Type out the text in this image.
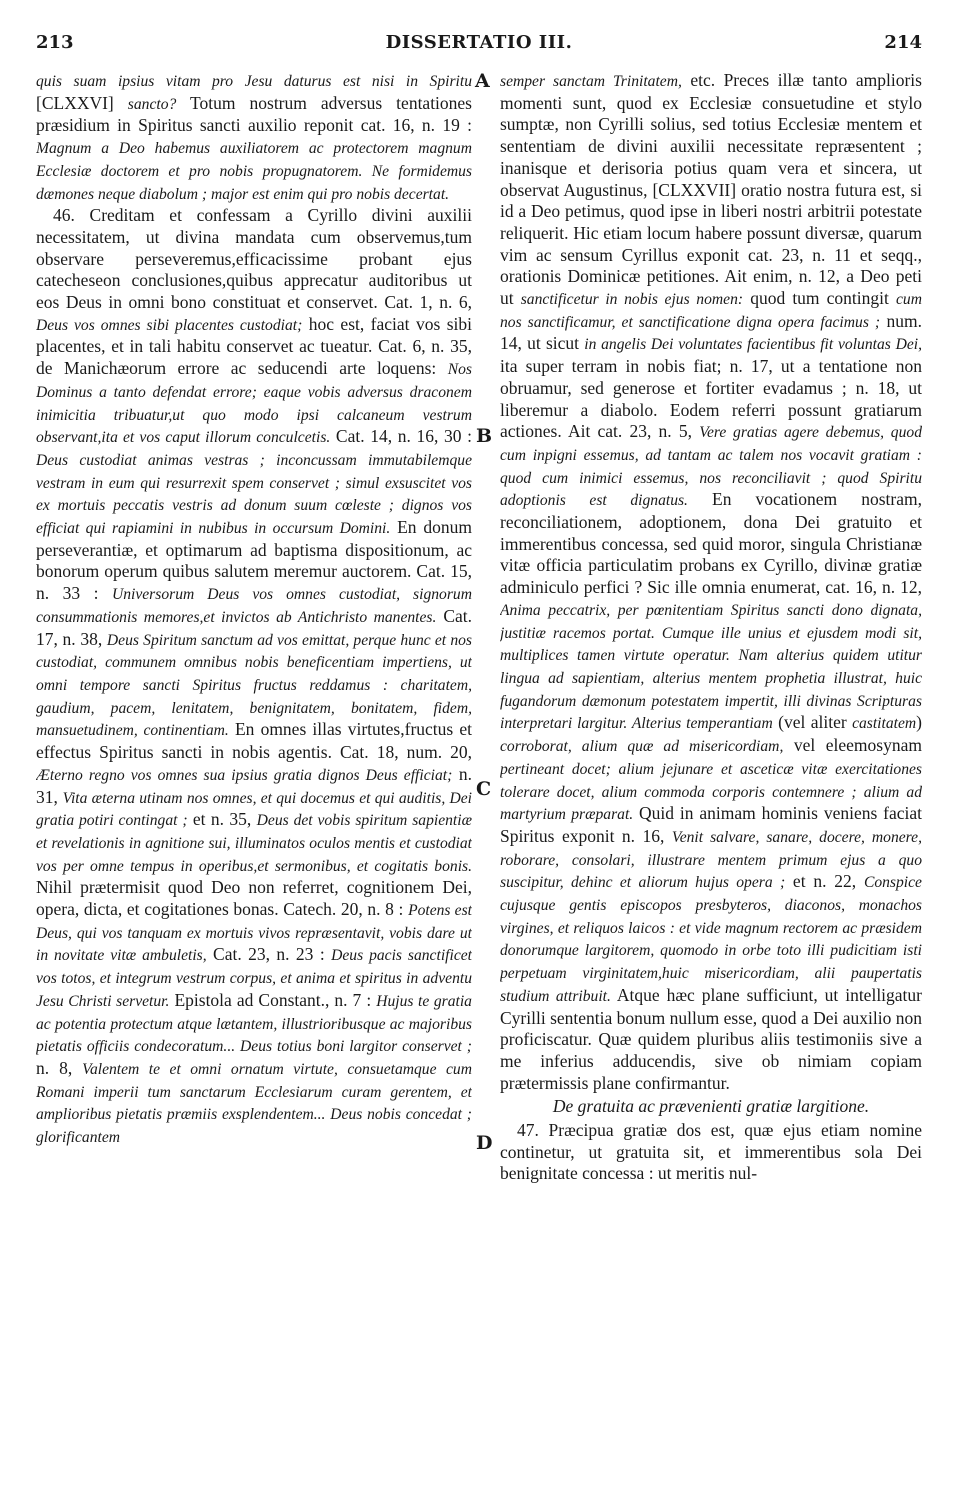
213	DISSERTATIO III.	214

quis suam ipsius vitam pro Jesu daturus est nisi in Spiritu [CLXXVI] sancto? Totum nostrum adversus tentationes præsidium in Spiritus sancti auxilio reponit cat. 16, n. 19 : Magnum a Deo habemus auxiliatorem ac protectorem magnum Ecclesiæ doctorem et pro nobis propugnatorem. Ne formidemus dæmones neque diabolum ; major est enim qui pro nobis decertat.

46. Creditam et confessam a Cyrillo divini auxilii necessitatem, ut divina mandata cum observemus,tum observare perseveremus,efficacissime probant ejus catecheseon conclusiones,quibus apprecatur auditoribus ut eos Deus in omni bono constituat et conservet. Cat. 1, n. 6, Deus vos omnes sibi placentes custodiat; hoc est, faciat vos sibi placentes, et in tali habitu conservet ac tueatur. Cat. 6, n. 35, de Manichæorum errore ac seducendi arte loquens: Nos Dominus a tanto defendat errore; eaque vobis adversus draconem inimicitia tribuatur,ut quo modo ipsi calcaneum vestrum observant,ita et vos caput illorum conculcetis. Cat. 14, n. 16, 30 : Deus custodiat animas vestras ; inconcussam immutabilemque vestram in eum qui resurrexit spem conservet ; simul exsuscitet vos ex mortuis peccatis vestris ad donum suum cœleste ; dignos vos efficiat qui rapiamini in nubibus in occursum Domini. En donum perseverantiæ, et optimarum ad baptisma dispositionum, ac bonorum operum quibus salutem meremur auctorem. Cat. 15, n. 33 : Universorum Deus vos omnes custodiat, signorum consummationis memores,et invictos ab Antichristo manentes. Cat. 17, n. 38, Deus Spiritum sanctum ad vos emittat, perque hunc et nos custodiat, communem omnibus nobis beneficentiam impertiens, ut omni tempore sancti Spiritus fructus reddamus : charitatem, gaudium, pacem, lenitatem, benignitatem, bonitatem, fidem, mansuetudinem, continentiam. En omnes illas virtutes,fructus et effectus Spiritus sancti in nobis agentis. Cat. 18, num. 20, Æterno regno vos omnes sua ipsius gratia dignos Deus efficiat; n. 31, Vita æterna utinam nos omnes, et qui docemus et qui auditis, Dei gratia potiri contingat ; et n. 35, Deus det vobis spiritum sapientiæ et revelationis in agnitione sui, illuminatos oculos mentis et custodiat vos per omne tempus in operibus,et sermonibus, et cogitatis bonis. Nihil prætermisit quod Deo non referret, cognitionem Dei, opera, dicta, et cogitationes bonas. Catech. 20, n. 8 : Potens est Deus, qui vos tanquam ex mortuis vivos repræsentavit, vobis dare ut in novitate vitæ ambuletis, Cat. 23, n. 23 : Deus pacis sanctificet vos totos, et integrum vestrum corpus, et anima et spiritus in adventu Jesu Christi servetur. Epistola ad Constant., n. 7 : Hujus te gratia ac potentia protectum atque lætantem, illustrioribusque ac majoribus pietatis officiis condecoratum... Deus totius boni largitor conservet ; n. 8, Valentem te et omni ornatum virtute, consuetamque cum Romani imperii tum sanctarum Ecclesiarum curam gerentem, et amplioribus pietatis præmiis exsplendentem... Deus nobis concedat ; glorificantem

semper sanctam Trinitatem, etc. Preces illæ tanto amplioris momenti sunt, quod ex Ecclesiæ consuetudine et stylo sumptæ, non Cyrilli solius, sed totius Ecclesiæ mentem et sententiam de divini auxilii necessitate repræsentent ; inanisque et derisoria potius quam vera et sincera, ut observat Augustinus, [CLXXVII] oratio nostra futura est, si id a Deo petimus, quod ipse in liberi nostri arbitrii potestate reliquerit. Hic etiam locum habere possunt diversæ, quarum vim ac sensum Cyrillus exponit cat. 23, n. 11 et seqq., orationis Dominicæ petitiones. Ait enim, n. 12, a Deo peti ut sanctificetur in nobis ejus nomen: quod tum contingit cum nos sanctificamur, et sanctificatione digna opera facimus ; num. 14, ut sicut in angelis Dei voluntates facientibus fit voluntas Dei, ita super terram in nobis fiat; n. 17, ut a tentatione non obruamur, sed generose et fortiter evadamus ; n. 18, ut liberemur a diabolo. Eodem referri possunt gratiarum actiones. Ait cat. 23, n. 5, Vere gratias agere debemus, quod cum inpigni essemus, ad tantam ac talem nos vocavit gratiam : quod cum inimici essemus, nos reconciliavit ; quod Spiritu adoptionis est dignatus. En vocationem nostram, reconciliationem, adoptionem, dona Dei gratuito et immerentibus concessa, sed quid moror, singula Christianæ vitæ officia particulatim probans ex Cyrillo, divinæ gratiæ adminiculo perfici ? Sic ille omnia enumerat, cat. 16, n. 12, Anima peccatrix, per pœnitentiam Spiritus sancti dono dignata, justitiæ racemos portat. Cumque ille unius et ejusdem modi sit, multiplices tamen virtute operatur. Nam alterius quidem utitur lingua ad sapientiam, alterius mentem prophetia illustrat, huic fugandorum dæmonum potestatem impertit, illi divinas Scripturas interpretari largitur. Alterius temperantiam (vel aliter castitatem) corroborat, alium quæ ad misericordiam, vel eleemosynam pertineant docet; alium jejunare et asceticæ vitæ exercitationes tolerare docet, alium commoda corporis contemnere ; alium ad martyrium præparat. Quid in animam hominis veniens faciat Spiritus exponit n. 16, Venit salvare, sanare, docere, monere, roborare, consolari, illustrare mentem primum ejus a quo suscipitur, dehinc et aliorum hujus opera ; et n. 22, Conspice cujusque gentis episcopos presbyteros, diaconos, monachos virgines, et reliquos laicos : et vide magnum rectorem ac præsidem donorumque largitorem, quomodo in orbe toto illi pudicitiam isti perpetuam virginitatem,huic misericordiam, alii paupertatis studium attribuit. Atque hæc plane sufficiunt, ut intelligatur Cyrilli sententia bonum nullum esse, quod a Dei auxilio non proficiscatur. Quæ quidem pluribus aliis testimoniis sive a me inferius adducendis, sive ob nimiam copiam prætermissis plane confirmantur.

De gratuita ac prævenienti gratiæ largitione.

47. Præcipua gratiæ dos est, quæ ejus etiam nomine continetur, ut gratuita sit, et immerentibus sola Dei benignitate concessa : ut meritis nul-

A
B
C
D
